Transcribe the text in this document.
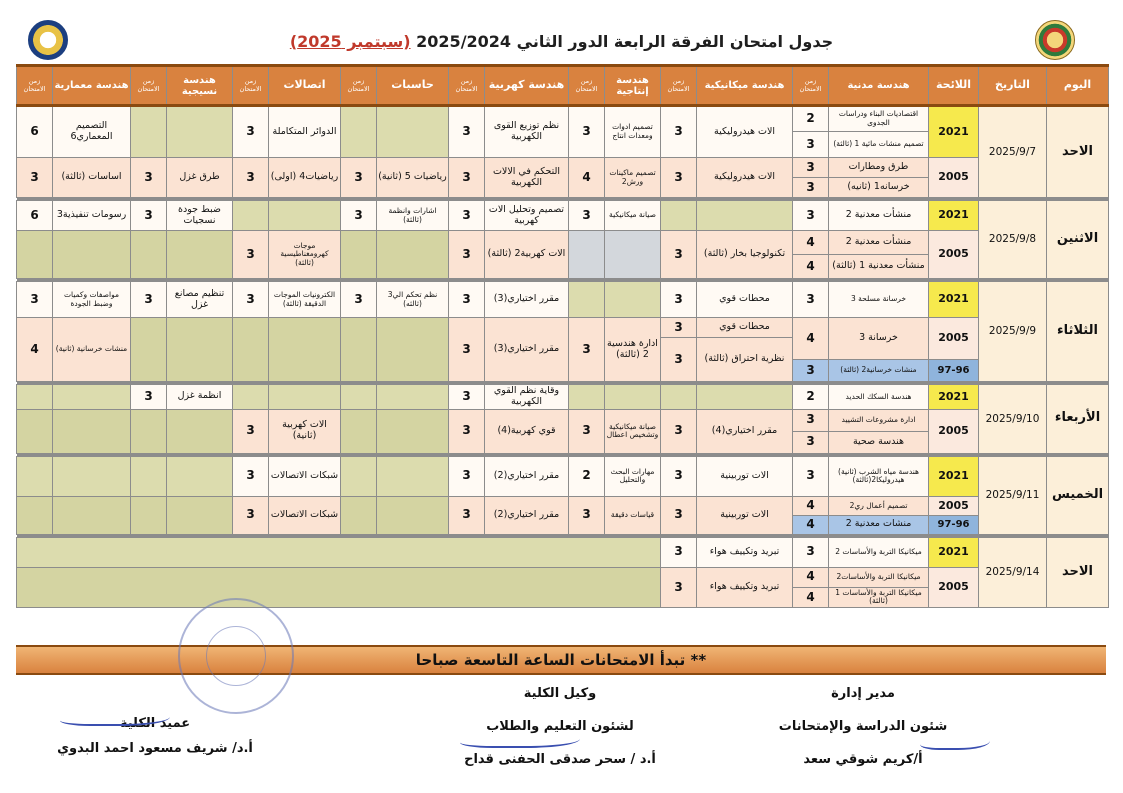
جدول امتحان الفرقة الرابعة الدور الثاني 2025/2024 (سبتمبر 2025)
اليوم	التاريخ	اللائحة	هندسة مدنية	زمن الامتحان	هندسة ميكانيكية	زمن الامتحان	هندسة إنتاجية	زمن الامتحان	هندسة كهربية	زمن الامتحان	حاسبات	زمن الامتحان	اتصالات	زمن الامتحان	هندسة نسيجية	زمن الامتحان	هندسة معمارية	زمن الامتحان
الاحد	2025/9/7	2021	اقتصاديات البناء ودراسات الجدوى	2	الات هيدروليكية	3	تصميم ادوات ومعدات انتاج	3	نظم توزيع القوى الكهربية	3			الدوائر المتكاملة	3			التصميم المعماري6	6
			تصميم منشات مائية 1 (ثالثة)	3														
		2005	طرق ومطارات	3	الات هيدروليكية	3	تصميم ماكينات ورش2	4	التحكم في الالات الكهربية	3	رياضيات 5 (ثانية)	3	رياضيات4 (اولى)	3	طرق غزل	3	اساسات (ثالثة)	3
			خرسانه1 (ثانيه)	3														

الاثنين	2025/9/8	2021	منشأت معدنية 2	3			صيانة ميكانيكية	3	تصميم وتحليل الات كهربية	3	اشارات وانظمة (ثالثة)	3			ضبط جودة نسجيات	3	رسومات تنفيذية3	6
		2005	منشأت معدنية 2	4	تكنولوجيا بخار (ثالثة)	3			الات كهربية2 (ثالثة)	3			موجات كهرومغناطيسية (ثالثة)	3				
			منشأت معدنية 1 (ثالثة)	4														

الثلاثاء	2025/9/9	2021	خرسانة مسلحة 3	3	محطات قوي	3			مقرر اختياري(3)	3	نظم تحكم الي3 (ثالثه)	3	الكترونيات الموجات الدقيقة (ثالثة)	3	تنظيم مصانع غزل	3	مواصفات وكميات وضبط الجودة	3
		2005	خرسانة 3	4	محطات قوي	3	ادارة هندسية 2 (ثالثة)	3	مقرر اختياري(3)	3							منشات خرسانية (ثانية)	4
					نظرية احتراق (ثالثة)	3												
		97-96	منشات خرسانية2 (ثالثة)	3														

الأربعاء	2025/9/10	2021	هندسة السكك الحديد	2					وقاية نظم القوي الكهربية	3					انظمة غزل	3		
		2005	ادارة مشروعات التشييد	3	مقرر اختياري(4)	3	صيانة ميكانيكية وتشخيص اعطال	3	قوي كهربية(4)	3			الات كهربية (ثانية)	3				
			هندسة صحية	3														

الخميس	2025/9/11	2021	هندسة مياه الشرب (ثانية)
هيدروليكا2(ثالثة)	3	الات توربينية	3	مهارات البحث والتحليل	2	مقرر اختياري(2)	3			شبكات الاتصالات	3				
		2005	تصميم أعمال ري2	4	الات توربينية	3	قياسات دقيقة	3	مقرر اختياري(2)	3			شبكات الاتصالات	3				
		97-96	منشات معدنية 2	4														

الاحد	2025/9/14	2021	ميكانيكا التربة والأساسات 2	3	تبريد وتكييف هواء	3												
		2005	ميكانيكا التربة والأساسات2	4	تبريد وتكييف هواء	3												
			ميكانيكا التربة والأساسات 1 (ثالثة)	4														
** تبدأ الامتحانات الساعة التاسعة صباحا
مدير إدارة
شئون الدراسة والإمتحانات
أ/كريم شوقي سعد
وكيل الكلية
لشئون التعليم والطلاب
أ.د / سحر صدقى الحفنى قداح
عميد الكلية
أ.د/ شريف مسعود احمد البدوي
